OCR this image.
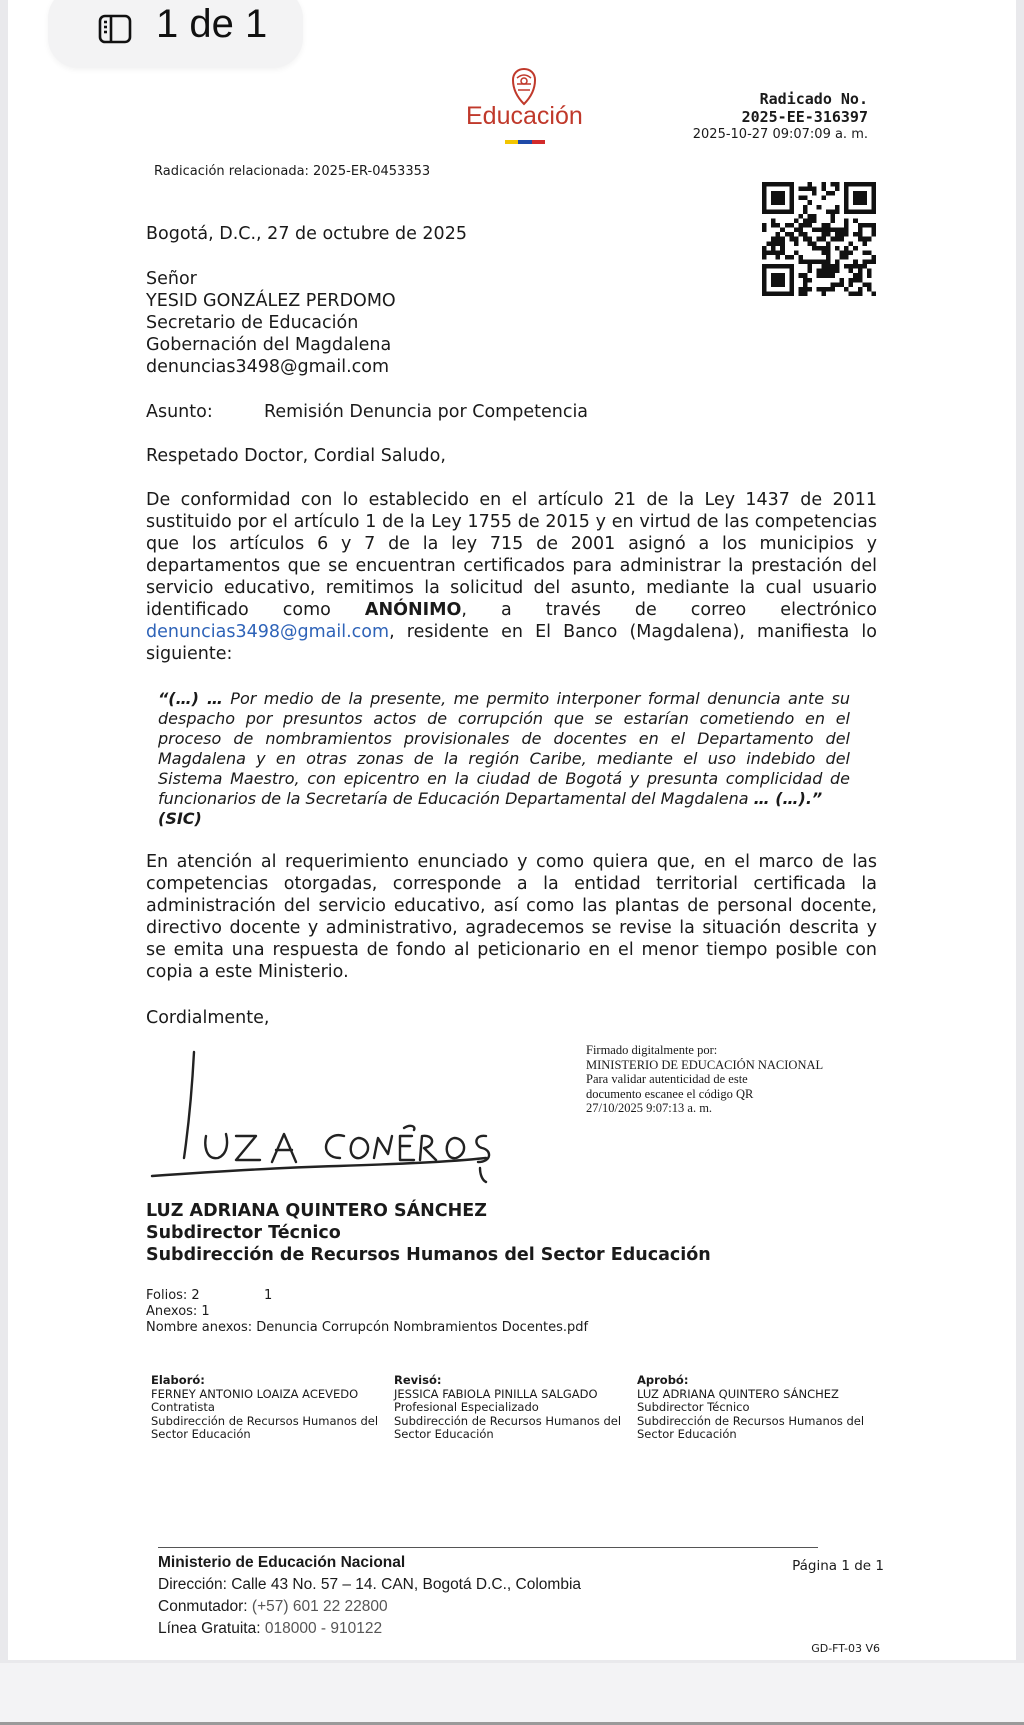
Educación
Radicado No.
2025-EE-316397
2025-10-27 09:07:09 a. m.
Radicación relacionada: 2025-ER-0453353
Bogotá, D.C., 27 de octubre de 2025
Señor
YESID GONZÁLEZ PERDOMO
Secretario de Educación
Gobernación del Magdalena
denuncias3498@gmail.com
Asunto:	Remisión Denuncia por Competencia
Respetado Doctor, Cordial Saludo,
De conformidad con lo establecido en el artículo 21 de la Ley 1437 de 2011 sustituido por el artículo 1 de la Ley 1755 de 2015 y en virtud de las competencias que los artículos 6 y 7 de la ley 715 de 2001 asignó a los municipios y departamentos que se encuentran certificados para administrar la prestación del servicio educativo, remitimos la solicitud del asunto, mediante la cual usuario identificado como ANÓNIMO, a través de correo electrónico denuncias3498@gmail.com, residente en El Banco (Magdalena), manifiesta lo siguiente:
“(…) … Por medio de la presente, me permito interponer formal denuncia ante su despacho por presuntos actos de corrupción que se estarían cometiendo en el proceso de nombramientos provisionales de docentes en el Departamento del Magdalena y en otras zonas de la región Caribe, mediante el uso indebido del Sistema Maestro, con epicentro en la ciudad de Bogotá y presunta complicidad de funcionarios de la Secretaría de Educación Departamental del Magdalena … (…).”
(SIC)
En atención al requerimiento enunciado y como quiera que, en el marco de las competencias otorgadas, corresponde a la entidad territorial certificada la administración del servicio educativo, así como las plantas de personal docente, directivo docente y administrativo, agradecemos se revise la situación descrita y se emita una respuesta de fondo al peticionario en el menor tiempo posible con copia a este Ministerio.
Cordialmente,
Firmado digitalmente por:
MINISTERIO DE EDUCACIÓN NACIONAL
Para validar autenticidad de este
documento escanee el código QR
27/10/2025 9:07:13 a. m.
LUZ ADRIANA QUINTERO SÁNCHEZ
Subdirector Técnico
Subdirección de Recursos Humanos del Sector Educación
Folios: 2	1
Anexos: 1
Nombre anexos: Denuncia Corrupcón Nombramientos Docentes.pdf
Elaboró:
FERNEY ANTONIO LOAIZA ACEVEDO
Contratista
Subdirección de Recursos Humanos del Sector Educación
Revisó:
JESSICA FABIOLA PINILLA SALGADO
Profesional Especializado
Subdirección de Recursos Humanos del Sector Educación
Aprobó:
LUZ ADRIANA QUINTERO SÁNCHEZ
Subdirector Técnico
Subdirección de Recursos Humanos del Sector Educación
Ministerio de Educación Nacional
Dirección: Calle 43 No. 57 – 14. CAN, Bogotá D.C., Colombia
Conmutador: (+57) 601 22 22800
Línea Gratuita: 018000 - 910122
Página 1 de 1
GD-FT-03 V6
1 de 1
